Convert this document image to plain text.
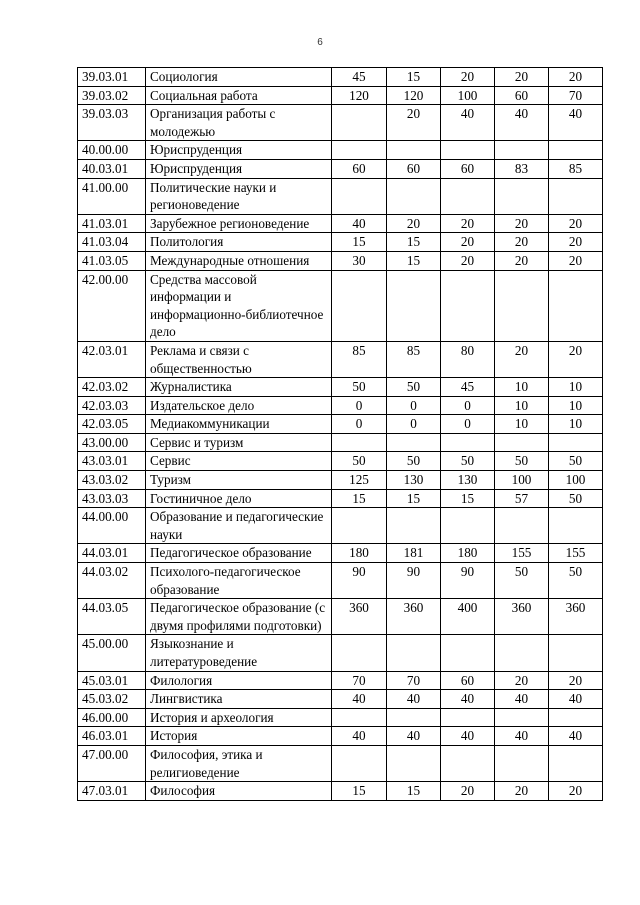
6
39.03.01	Социология	45	15	20	20	20
39.03.02	Социальная работа	120	120	100	60	70
39.03.03	Организация работы с молодежью		20	40	40	40
40.00.00	Юриспруденция					
40.03.01	Юриспруденция	60	60	60	83	85
41.00.00	Политические науки и регионоведение					
41.03.01	Зарубежное регионоведение	40	20	20	20	20
41.03.04	Политология	15	15	20	20	20
41.03.05	Международные отношения	30	15	20	20	20
42.00.00	Средства массовой информации и информационно-библиотечное дело					
42.03.01	Реклама и связи с общественностью	85	85	80	20	20
42.03.02	Журналистика	50	50	45	10	10
42.03.03	Издательское дело	0	0	0	10	10
42.03.05	Медиакоммуникации	0	0	0	10	10
43.00.00	Сервис и туризм					
43.03.01	Сервис	50	50	50	50	50
43.03.02	Туризм	125	130	130	100	100
43.03.03	Гостиничное дело	15	15	15	57	50
44.00.00	Образование и педагогические науки					
44.03.01	Педагогическое образование	180	181	180	155	155
44.03.02	Психолого-педагогическое образование	90	90	90	50	50
44.03.05	Педагогическое образование (с двумя профилями подготовки)	360	360	400	360	360
45.00.00	Языкознание и литературоведение					
45.03.01	Филология	70	70	60	20	20
45.03.02	Лингвистика	40	40	40	40	40
46.00.00	История и археология					
46.03.01	История	40	40	40	40	40
47.00.00	Философия, этика и религиоведение					
47.03.01	Философия	15	15	20	20	20
